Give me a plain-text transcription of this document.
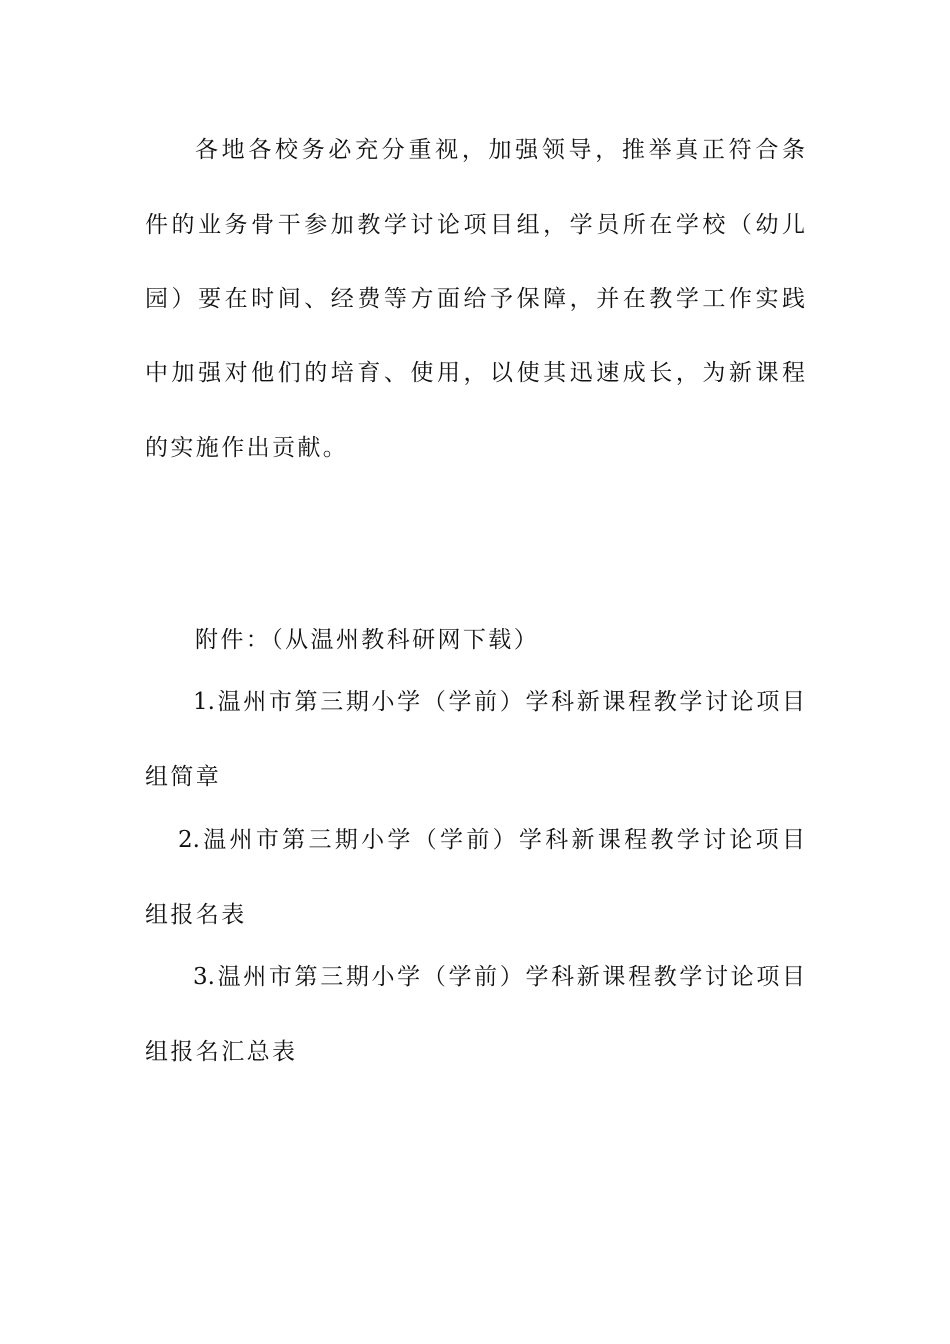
各地各校务必充分重视，加强领导，推举真正符合条
件的业务骨干参加教学讨论项目组，学员所在学校（幼儿
园）要在时间、经费等方面给予保障，并在教学工作实践
中加强对他们的培育、使用，以使其迅速成长，为新课程
的实施作出贡献。
附件：（从温州教科研网下载）
1.温州市第三期小学（学前）学科新课程教学讨论项目
组简章
2.温州市第三期小学（学前）学科新课程教学讨论项目
组报名表
3.温州市第三期小学（学前）学科新课程教学讨论项目
组报名汇总表
